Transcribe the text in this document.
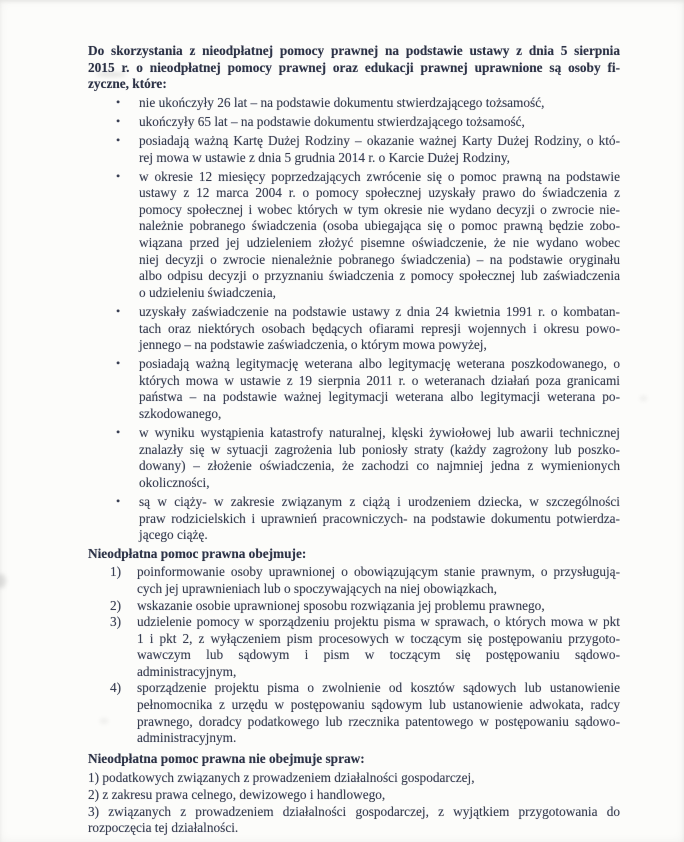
Do skorzystania z nieodpłatnej pomocy prawnej na podstawie ustawy z dnia 5 sierpnia
2015 r. o nieodpłatnej pomocy prawnej oraz edukacji prawnej uprawnione są osoby fi-
zyczne, które:
• nie ukończyły 26 lat – na podstawie dokumentu stwierdzającego tożsamość,
• ukończyły 65 lat – na podstawie dokumentu stwierdzającego tożsamość,
• posiadają ważną Kartę Dużej Rodziny – okazanie ważnej Karty Dużej Rodziny, o któ-
rej mowa w ustawie z dnia 5 grudnia 2014 r. o Karcie Dużej Rodziny,
• w okresie 12 miesięcy poprzedzających zwrócenie się o pomoc prawną na podstawie
ustawy z 12 marca 2004 r. o pomocy społecznej uzyskały prawo do świadczenia z
pomocy społecznej i wobec których w tym okresie nie wydano decyzji o zwrocie nie-
należnie pobranego świadczenia (osoba ubiegająca się o pomoc prawną będzie zobo-
wiązana przed jej udzieleniem złożyć pisemne oświadczenie, że nie wydano wobec
niej decyzji o zwrocie nienależnie pobranego świadczenia) – na podstawie oryginału
albo odpisu decyzji o przyznaniu świadczenia z pomocy społecznej lub zaświadczenia
o udzieleniu świadczenia,
• uzyskały zaświadczenie na podstawie ustawy z dnia 24 kwietnia 1991 r. o kombatan-
tach oraz niektórych osobach będących ofiarami represji wojennych i okresu powo-
jennego – na podstawie zaświadczenia, o którym mowa powyżej,
• posiadają ważną legitymację weterana albo legitymację weterana poszkodowanego, o
których mowa w ustawie z 19 sierpnia 2011 r. o weteranach działań poza granicami
państwa – na podstawie ważnej legitymacji weterana albo legitymacji weterana po-
szkodowanego,
• w wyniku wystąpienia katastrofy naturalnej, klęski żywiołowej lub awarii technicznej
znalazły się w sytuacji zagrożenia lub poniosły straty (każdy zagrożony lub poszko-
dowany) – złożenie oświadczenia, że zachodzi co najmniej jedna z wymienionych
okoliczności,
• są w ciąży- w zakresie związanym z ciążą i urodzeniem dziecka, w szczególności
praw rodzicielskich i uprawnień pracowniczych- na podstawie dokumentu potwierdza-
jącego ciążę.
Nieodpłatna pomoc prawna obejmuje:
1) poinformowanie osoby uprawnionej o obowiązującym stanie prawnym, o przysługują-
cych jej uprawnieniach lub o spoczywających na niej obowiązkach,
2) wskazanie osobie uprawnionej sposobu rozwiązania jej problemu prawnego,
3) udzielenie pomocy w sporządzeniu projektu pisma w sprawach, o których mowa w pkt
1 i pkt 2, z wyłączeniem pism procesowych w toczącym się postępowaniu przygoto-
wawczym lub sądowym i pism w toczącym się postępowaniu sądowo-
administracyjnym,
4) sporządzenie projektu pisma o zwolnienie od kosztów sądowych lub ustanowienie
pełnomocnika z urzędu w postępowaniu sądowym lub ustanowienie adwokata, radcy
prawnego, doradcy podatkowego lub rzecznika patentowego w postępowaniu sądowo-
administracyjnym.
Nieodpłatna pomoc prawna nie obejmuje spraw:
1) podatkowych związanych z prowadzeniem działalności gospodarczej,
2) z zakresu prawa celnego, dewizowego i handlowego,
3) związanych z prowadzeniem działalności gospodarczej, z wyjątkiem przygotowania do
rozpoczęcia tej działalności.
